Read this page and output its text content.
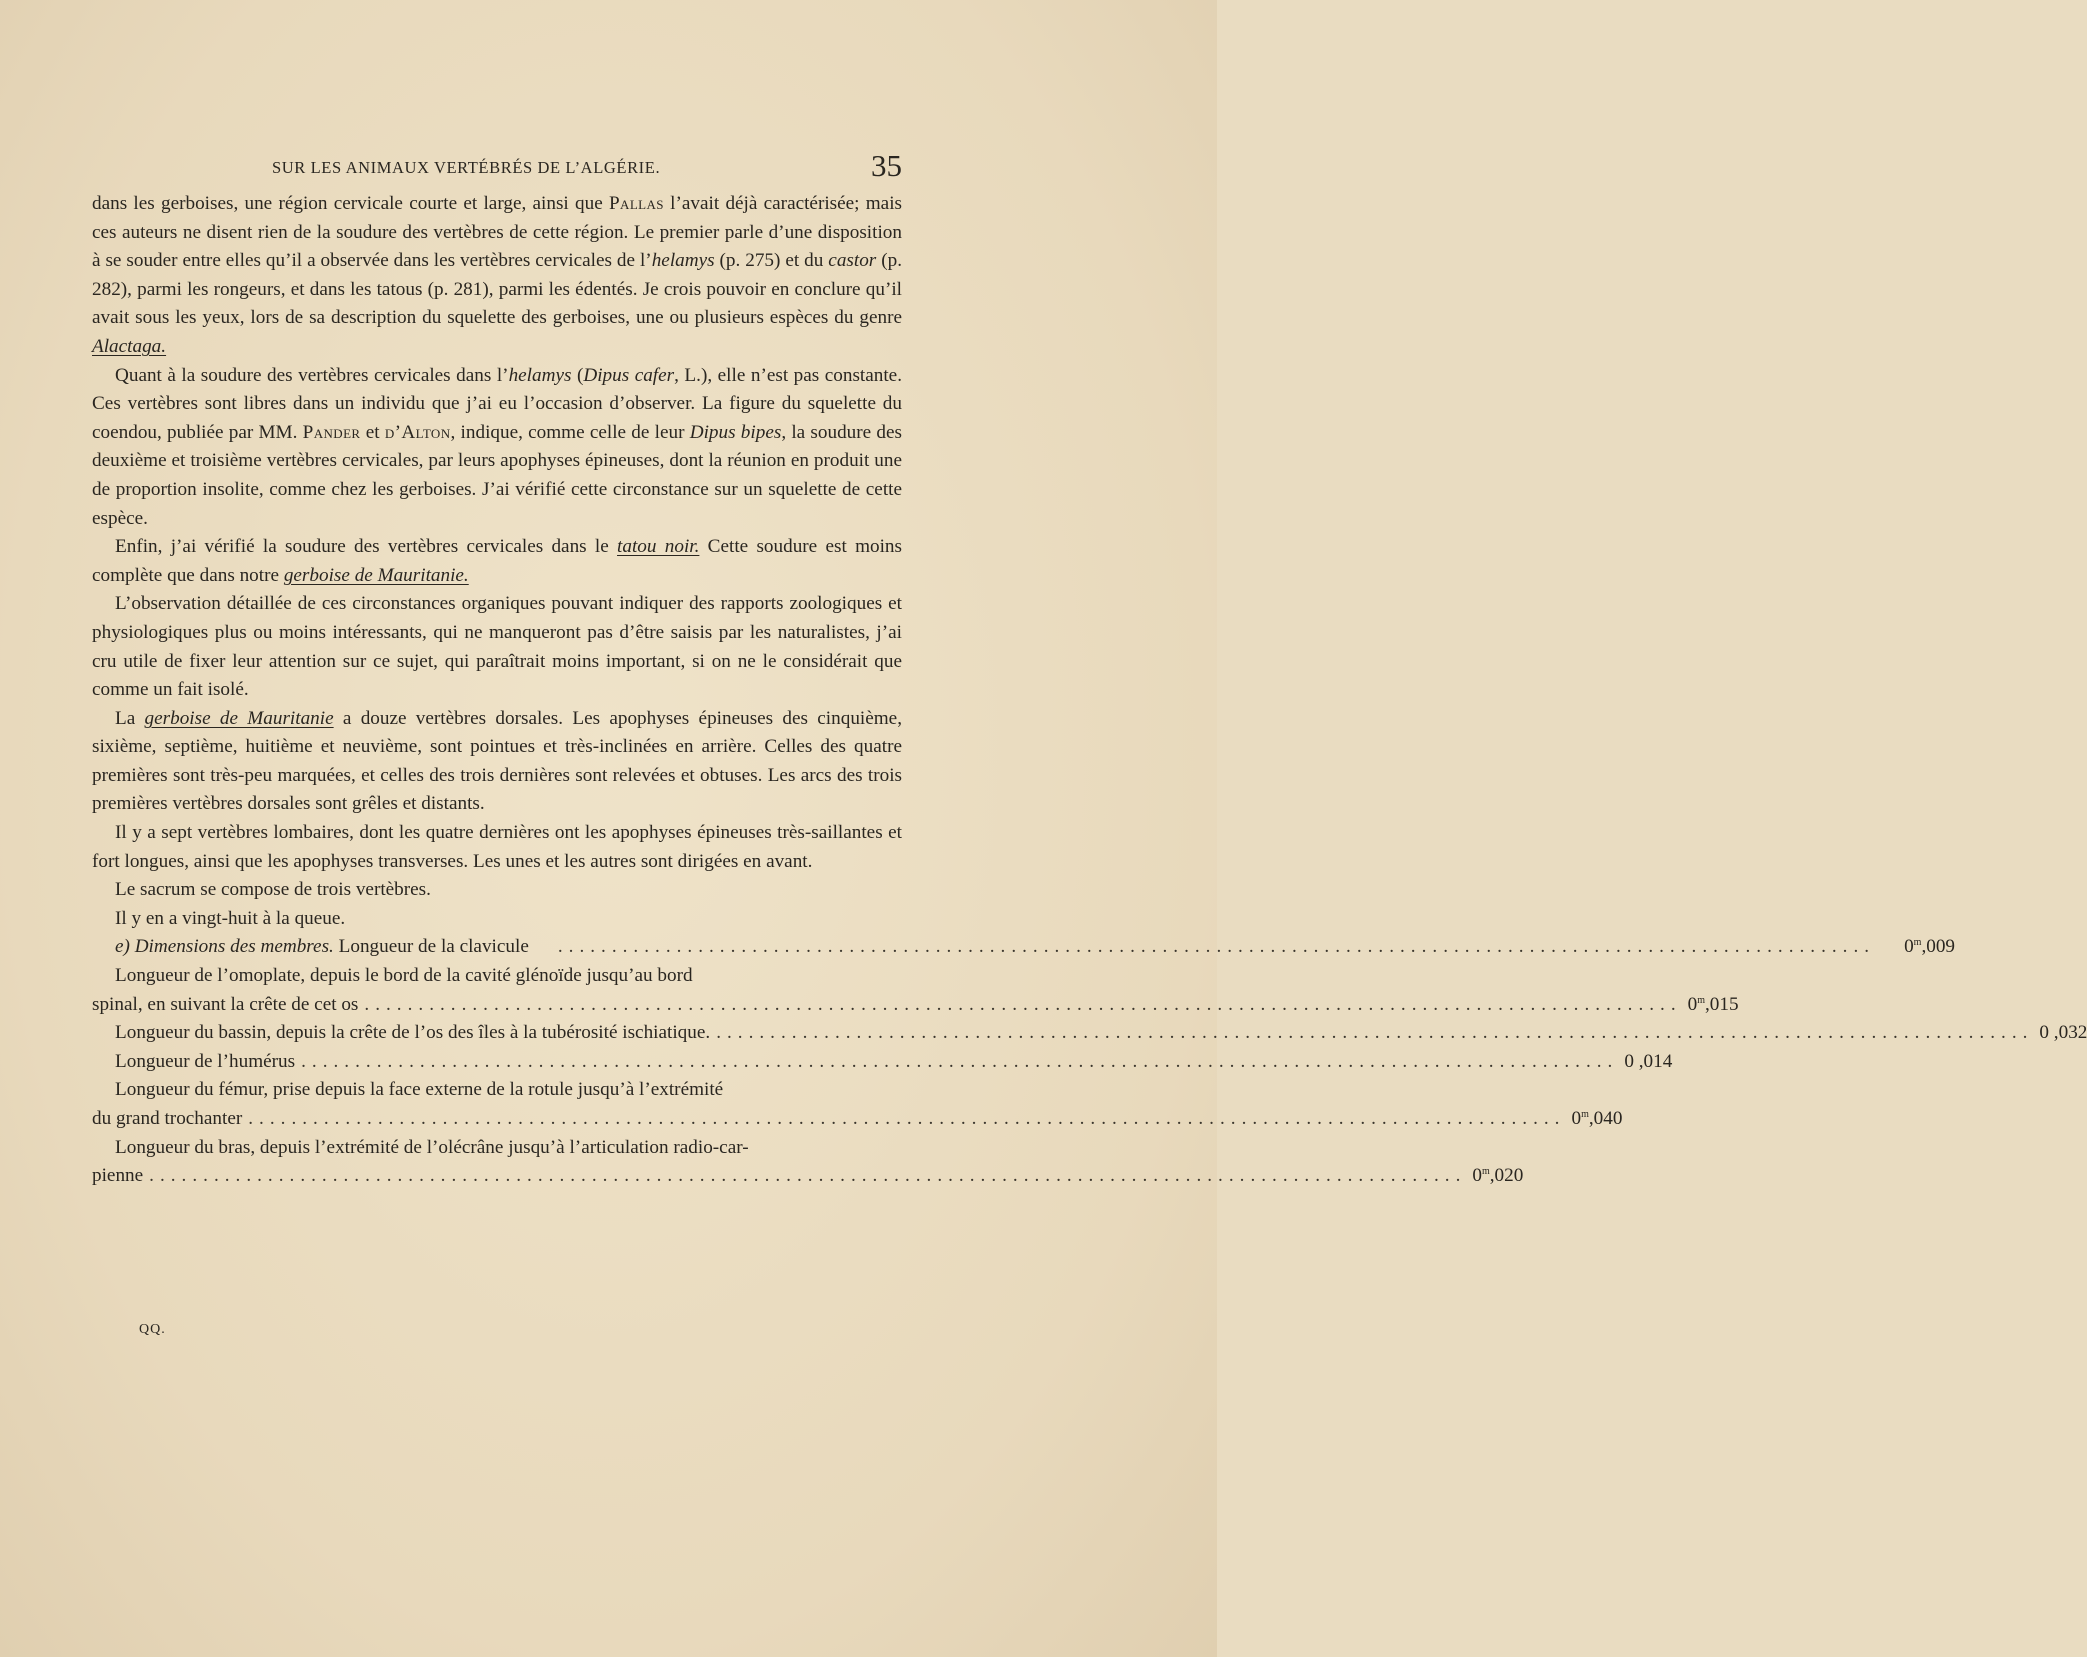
SUR LES ANIMAUX VERTÉBRÉS DE L’ALGÉRIE.	35

dans les gerboises, une région cervicale courte et large, ainsi que Pallas l’avait déjà caractérisée; mais ces auteurs ne disent rien de la soudure des vertèbres de cette région. Le premier parle d’une disposition à se souder entre elles qu’il a observée dans les vertèbres cervicales de l’helamys (p. 275) et du castor (p. 282), parmi les rongeurs, et dans les tatous (p. 281), parmi les édentés. Je crois pouvoir en conclure qu’il avait sous les yeux, lors de sa description du squelette des gerboises, une ou plusieurs espèces du genre Alactaga.

Quant à la soudure des vertèbres cervicales dans l’helamys (Dipus cafer, L.), elle n’est pas constante. Ces vertèbres sont libres dans un individu que j’ai eu l’occasion d’observer. La figure du squelette du coendou, publiée par MM. Pander et d’Alton, indique, comme celle de leur Dipus bipes, la soudure des deuxième et troisième vertèbres cervicales, par leurs apophyses épineuses, dont la réunion en produit une de proportion insolite, comme chez les gerboises. J’ai vérifié cette circonstance sur un squelette de cette espèce.

Enfin, j’ai vérifié la soudure des vertèbres cervicales dans le tatou noir. Cette soudure est moins complète que dans notre gerboise de Mauritanie.

L’observation détaillée de ces circonstances organiques pouvant indiquer des rapports zoologiques et physiologiques plus ou moins intéressants, qui ne manqueront pas d’être saisis par les naturalistes, j’ai cru utile de fixer leur attention sur ce sujet, qui paraîtrait moins important, si on ne le considérait que comme un fait isolé.

La gerboise de Mauritanie a douze vertèbres dorsales. Les apophyses épineuses des cinquième, sixième, septième, huitième et neuvième, sont pointues et très-inclinées en arrière. Celles des quatre premières sont très-peu marquées, et celles des trois dernières sont relevées et obtuses. Les arcs des trois premières vertèbres dorsales sont grêles et distants.

Il y a sept vertèbres lombaires, dont les quatre dernières ont les apophyses épineuses très-saillantes et fort longues, ainsi que les apophyses transverses. Les unes et les autres sont dirigées en avant.

Le sacrum se compose de trois vertèbres.

Il y en a vingt-huit à la queue.

e) Dimensions des membres. Longueur de la clavicule	..........................................................................................................................	0$^m$,009

Longueur de l’omoplate, depuis le bord de la cavité glénoïde jusqu’au bord

spinal, en suivant la crête de cet os .......................................................................................................................... 0$^m$,015
Longueur du bassin, depuis la crête de l’os des îles à la tubérosité ischiatique. .......................................................................................................................... 0 ,032
Longueur de l’humérus .......................................................................................................................... 0 ,014

Longueur du fémur, prise depuis la face externe de la rotule jusqu’à l’extrémité

du grand trochanter .......................................................................................................................... 0$^m$,040

Longueur du bras, depuis l’extrémité de l’olécrâne jusqu’à l’articulation radio-car-

pienne .......................................................................................................................... 0$^m$,020
QQ.
